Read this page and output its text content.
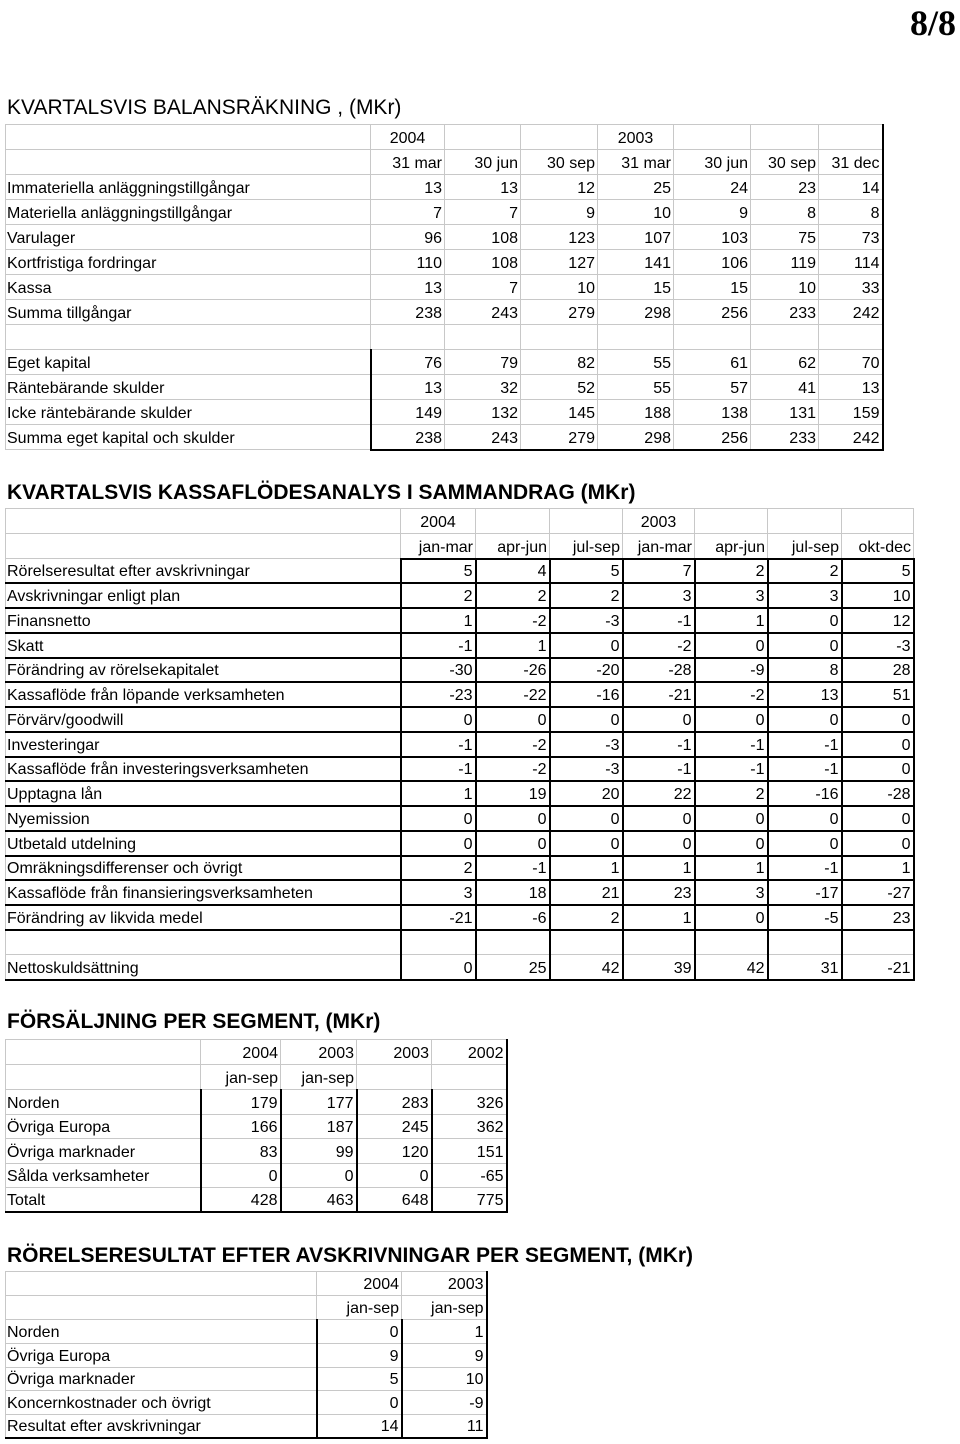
8/8
KVARTALSVIS BALANSRÄKNING , (MKr)
	2004			2003			
	31 mar	30 jun	30 sep	31 mar	30 jun	30 sep	31 dec
Immateriella anläggningstillgångar	13	13	12	25	24	23	14
Materiella anläggningstillgångar	7	7	9	10	9	8	8
Varulager	96	108	123	107	103	75	73
Kortfristiga fordringar	110	108	127	141	106	119	114
Kassa	13	7	10	15	15	10	33
Summa tillgångar	238	243	279	298	256	233	242

Eget kapital	76	79	82	55	61	62	70
Räntebärande skulder	13	32	52	55	57	41	13
Icke räntebärande skulder	149	132	145	188	138	131	159
Summa eget kapital och skulder	238	243	279	298	256	233	242
KVARTALSVIS KASSAFLÖDESANALYS I SAMMANDRAG (MKr)
	2004			2003			
	jan-mar	apr-jun	jul-sep	jan-mar	apr-jun	jul-sep	okt-dec
Rörelseresultat efter avskrivningar	5	4	5	7	2	2	5
Avskrivningar enligt plan	2	2	2	3	3	3	10
Finansnetto	1	-2	-3	-1	1	0	12
Skatt	-1	1	0	-2	0	0	-3
Förändring av rörelsekapitalet	-30	-26	-20	-28	-9	8	28
Kassaflöde från löpande verksamheten	-23	-22	-16	-21	-2	13	51
Förvärv/goodwill	0	0	0	0	0	0	0
Investeringar	-1	-2	-3	-1	-1	-1	0
Kassaflöde från investeringsverksamheten	-1	-2	-3	-1	-1	-1	0
Upptagna lån	1	19	20	22	2	-16	-28
Nyemission	0	0	0	0	0	0	0
Utbetald utdelning	0	0	0	0	0	0	0
Omräkningsdifferenser och övrigt	2	-1	1	1	1	-1	1
Kassaflöde från finansieringsverksamheten	3	18	21	23	3	-17	-27
Förändring av likvida medel	-21	-6	2	1	0	-5	23

Nettoskuldsättning	0	25	42	39	42	31	-21
FÖRSÄLJNING PER SEGMENT, (MKr)
	2004	2003	2003	2002
	jan-sep	jan-sep		
Norden	179	177	283	326
Övriga Europa	166	187	245	362
Övriga marknader	83	99	120	151
Sålda verksamheter	0	0	0	-65
Totalt	428	463	648	775
RÖRELSERESULTAT EFTER AVSKRIVNINGAR PER SEGMENT, (MKr)
	2004	2003
	jan-sep	jan-sep
Norden	0	1
Övriga Europa	9	9
Övriga marknader	5	10
Koncernkostnader och övrigt	0	-9
Resultat efter avskrivningar	14	11
